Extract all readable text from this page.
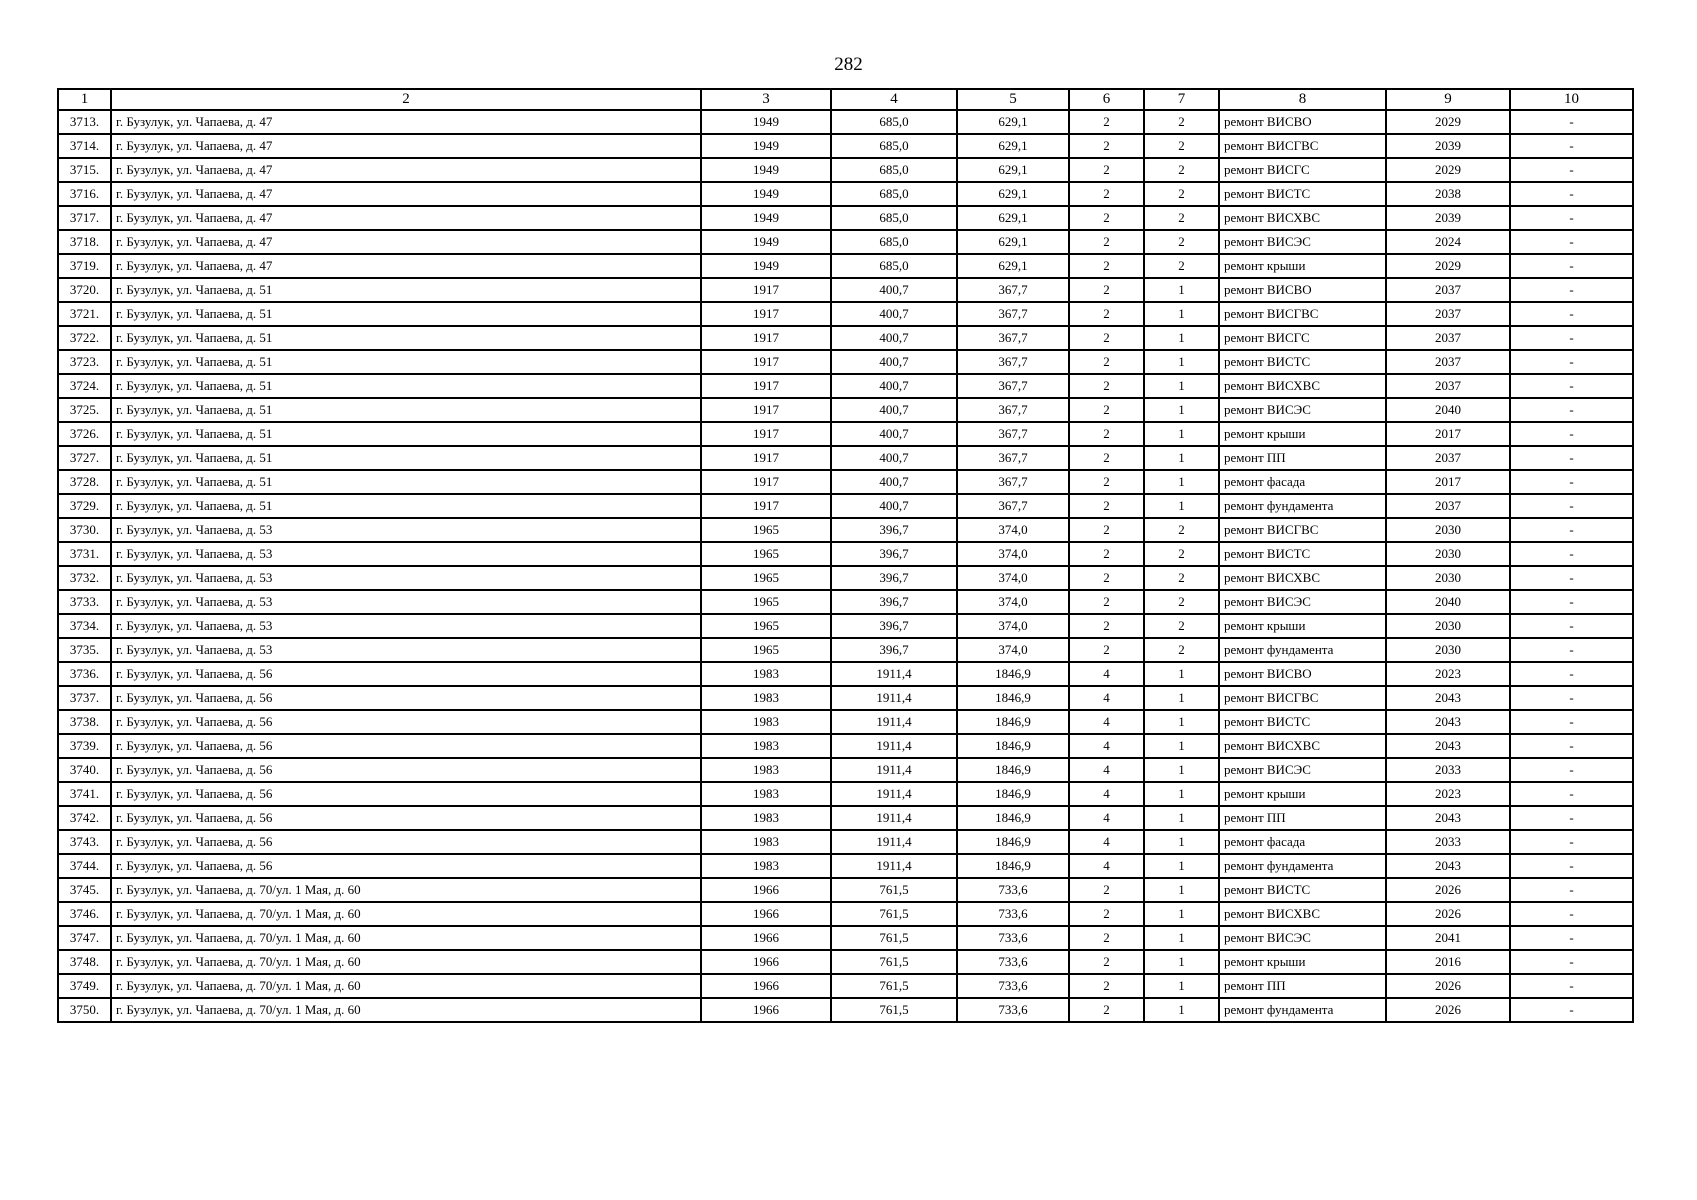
282
1	2	3	4	5	6	7	8	9	10
3713.	г. Бузулук, ул. Чапаева, д. 47	1949	685,0	629,1	2	2	ремонт ВИСВО	2029	-
3714.	г. Бузулук, ул. Чапаева, д. 47	1949	685,0	629,1	2	2	ремонт ВИСГВС	2039	-
3715.	г. Бузулук, ул. Чапаева, д. 47	1949	685,0	629,1	2	2	ремонт ВИСГС	2029	-
3716.	г. Бузулук, ул. Чапаева, д. 47	1949	685,0	629,1	2	2	ремонт ВИСТС	2038	-
3717.	г. Бузулук, ул. Чапаева, д. 47	1949	685,0	629,1	2	2	ремонт ВИСХВС	2039	-
3718.	г. Бузулук, ул. Чапаева, д. 47	1949	685,0	629,1	2	2	ремонт ВИСЭС	2024	-
3719.	г. Бузулук, ул. Чапаева, д. 47	1949	685,0	629,1	2	2	ремонт крыши	2029	-
3720.	г. Бузулук, ул. Чапаева, д. 51	1917	400,7	367,7	2	1	ремонт ВИСВО	2037	-
3721.	г. Бузулук, ул. Чапаева, д. 51	1917	400,7	367,7	2	1	ремонт ВИСГВС	2037	-
3722.	г. Бузулук, ул. Чапаева, д. 51	1917	400,7	367,7	2	1	ремонт ВИСГС	2037	-
3723.	г. Бузулук, ул. Чапаева, д. 51	1917	400,7	367,7	2	1	ремонт ВИСТС	2037	-
3724.	г. Бузулук, ул. Чапаева, д. 51	1917	400,7	367,7	2	1	ремонт ВИСХВС	2037	-
3725.	г. Бузулук, ул. Чапаева, д. 51	1917	400,7	367,7	2	1	ремонт ВИСЭС	2040	-
3726.	г. Бузулук, ул. Чапаева, д. 51	1917	400,7	367,7	2	1	ремонт крыши	2017	-
3727.	г. Бузулук, ул. Чапаева, д. 51	1917	400,7	367,7	2	1	ремонт ПП	2037	-
3728.	г. Бузулук, ул. Чапаева, д. 51	1917	400,7	367,7	2	1	ремонт фасада	2017	-
3729.	г. Бузулук, ул. Чапаева, д. 51	1917	400,7	367,7	2	1	ремонт фундамента	2037	-
3730.	г. Бузулук, ул. Чапаева, д. 53	1965	396,7	374,0	2	2	ремонт ВИСГВС	2030	-
3731.	г. Бузулук, ул. Чапаева, д. 53	1965	396,7	374,0	2	2	ремонт ВИСТС	2030	-
3732.	г. Бузулук, ул. Чапаева, д. 53	1965	396,7	374,0	2	2	ремонт ВИСХВС	2030	-
3733.	г. Бузулук, ул. Чапаева, д. 53	1965	396,7	374,0	2	2	ремонт ВИСЭС	2040	-
3734.	г. Бузулук, ул. Чапаева, д. 53	1965	396,7	374,0	2	2	ремонт крыши	2030	-
3735.	г. Бузулук, ул. Чапаева, д. 53	1965	396,7	374,0	2	2	ремонт фундамента	2030	-
3736.	г. Бузулук, ул. Чапаева, д. 56	1983	1911,4	1846,9	4	1	ремонт ВИСВО	2023	-
3737.	г. Бузулук, ул. Чапаева, д. 56	1983	1911,4	1846,9	4	1	ремонт ВИСГВС	2043	-
3738.	г. Бузулук, ул. Чапаева, д. 56	1983	1911,4	1846,9	4	1	ремонт ВИСТС	2043	-
3739.	г. Бузулук, ул. Чапаева, д. 56	1983	1911,4	1846,9	4	1	ремонт ВИСХВС	2043	-
3740.	г. Бузулук, ул. Чапаева, д. 56	1983	1911,4	1846,9	4	1	ремонт ВИСЭС	2033	-
3741.	г. Бузулук, ул. Чапаева, д. 56	1983	1911,4	1846,9	4	1	ремонт крыши	2023	-
3742.	г. Бузулук, ул. Чапаева, д. 56	1983	1911,4	1846,9	4	1	ремонт ПП	2043	-
3743.	г. Бузулук, ул. Чапаева, д. 56	1983	1911,4	1846,9	4	1	ремонт фасада	2033	-
3744.	г. Бузулук, ул. Чапаева, д. 56	1983	1911,4	1846,9	4	1	ремонт фундамента	2043	-
3745.	г. Бузулук, ул. Чапаева, д. 70/ул. 1 Мая, д. 60	1966	761,5	733,6	2	1	ремонт ВИСТС	2026	-
3746.	г. Бузулук, ул. Чапаева, д. 70/ул. 1 Мая, д. 60	1966	761,5	733,6	2	1	ремонт ВИСХВС	2026	-
3747.	г. Бузулук, ул. Чапаева, д. 70/ул. 1 Мая, д. 60	1966	761,5	733,6	2	1	ремонт ВИСЭС	2041	-
3748.	г. Бузулук, ул. Чапаева, д. 70/ул. 1 Мая, д. 60	1966	761,5	733,6	2	1	ремонт крыши	2016	-
3749.	г. Бузулук, ул. Чапаева, д. 70/ул. 1 Мая, д. 60	1966	761,5	733,6	2	1	ремонт ПП	2026	-
3750.	г. Бузулук, ул. Чапаева, д. 70/ул. 1 Мая, д. 60	1966	761,5	733,6	2	1	ремонт фундамента	2026	-
